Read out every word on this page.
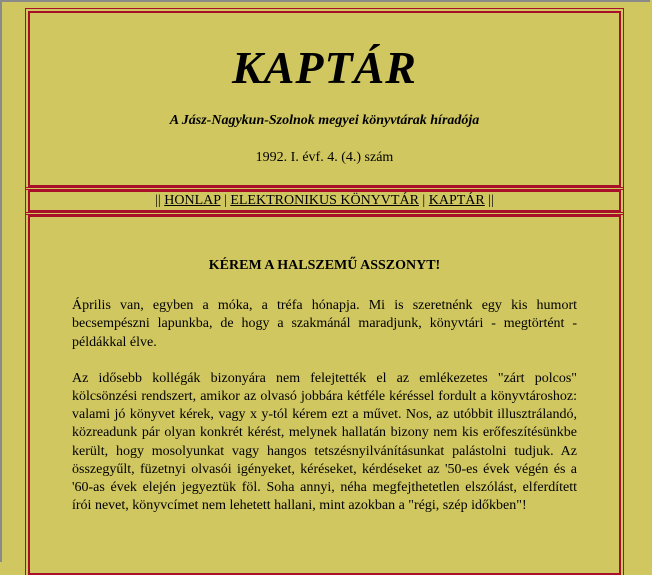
KAPTÁR
A Jász-Nagykun-Szolnok megyei könyvtárak híradója
1992. I. évf. 4. (4.) szám
|| HONLAP | ELEKTRONIKUS KÖNYVTÁR | KAPTÁR ||
KÉREM A HALSZEMŰ ASSZONYT!

Április van, egyben a móka, a tréfa hónapja. Mi is szeretnénk egy kis humort becsempészni lapunkba, de hogy a szakmánál maradjunk, könyvtári - megtörtént - példákkal élve.

Az idősebb kollégák bizonyára nem felejtették el az emlékezetes "zárt polcos" kölcsönzési rendszert, amikor az olvasó jobbára kétféle kéréssel fordult a könyvtároshoz: valami jó könyvet kérek, vagy x y-tól kérem ezt a művet. Nos, az utóbbit illusztrálandó, közreadunk pár olyan konkrét kérést, melynek hallatán bizony nem kis erőfeszítésünkbe került, hogy mosolyunkat vagy hangos tetszésnyilvánításunkat palástolni tudjuk. Az összegyűlt, füzetnyi olvasói igényeket, kéréseket, kérdéseket az '50-es évek végén és a '60-as évek elején jegyeztük föl. Soha annyi, néha megfejthetetlen elszólást, elferdített írói nevet, könyvcímet nem lehetett hallani, mint azokban a "régi, szép időkben"!
